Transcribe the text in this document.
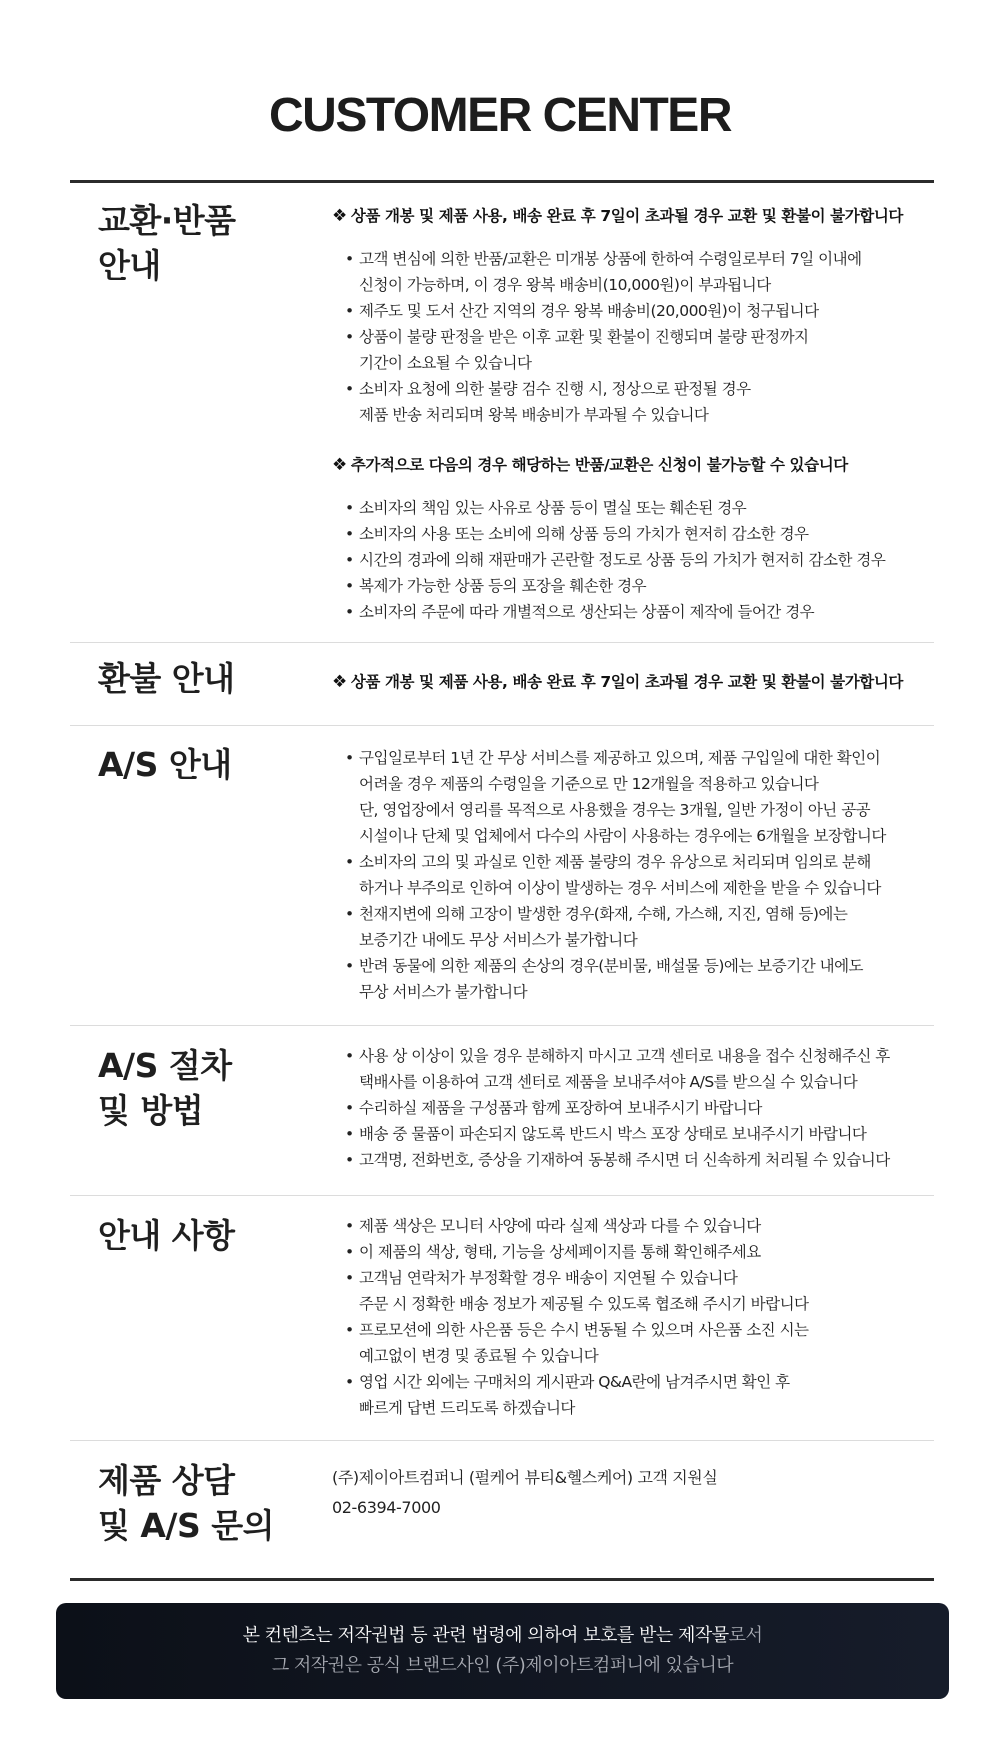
CUSTOMER CENTER
교환·반품
안내

❖ 상품 개봉 및 제품 사용, 배송 완료 후 7일이 초과될 경우 교환 및 환불이 불가합니다

• 고객 변심에 의한 반품/교환은 미개봉 상품에 한하여 수령일로부터 7일 이내에
신청이 가능하며, 이 경우 왕복 배송비(10,000원)이 부과됩니다
• 제주도 및 도서 산간 지역의 경우 왕복 배송비(20,000원)이 청구됩니다
• 상품이 불량 판정을 받은 이후 교환 및 환불이 진행되며 불량 판정까지
기간이 소요될 수 있습니다
• 소비자 요청에 의한 불량 검수 진행 시, 정상으로 판정될 경우
제품 반송 처리되며 왕복 배송비가 부과될 수 있습니다

❖ 추가적으로 다음의 경우 해당하는 반품/교환은 신청이 불가능할 수 있습니다

• 소비자의 책임 있는 사유로 상품 등이 멸실 또는 훼손된 경우
• 소비자의 사용 또는 소비에 의해 상품 등의 가치가 현저히 감소한 경우
• 시간의 경과에 의해 재판매가 곤란할 정도로 상품 등의 가치가 현저히 감소한 경우
• 복제가 가능한 상품 등의 포장을 훼손한 경우
• 소비자의 주문에 따라 개별적으로 생산되는 상품이 제작에 들어간 경우
환불 안내	❖ 상품 개봉 및 제품 사용, 배송 완료 후 7일이 초과될 경우 교환 및 환불이 불가합니다

A/S 안내	• 구입일로부터 1년 간 무상 서비스를 제공하고 있으며, 제품 구입일에 대한 확인이
어려울 경우 제품의 수령일을 기준으로 만 12개월을 적용하고 있습니다
단, 영업장에서 영리를 목적으로 사용했을 경우는 3개월, 일반 가정이 아닌 공공
시설이나 단체 및 업체에서 다수의 사람이 사용하는 경우에는 6개월을 보장합니다
• 소비자의 고의 및 과실로 인한 제품 불량의 경우 유상으로 처리되며 임의로 분해
하거나 부주의로 인하여 이상이 발생하는 경우 서비스에 제한을 받을 수 있습니다
• 천재지변에 의해 고장이 발생한 경우(화재, 수해, 가스해, 지진, 염해 등)에는
보증기간 내에도 무상 서비스가 불가합니다
• 반려 동물에 의한 제품의 손상의 경우(분비물, 배설물 등)에는 보증기간 내에도
무상 서비스가 불가합니다
A/S 절차
및 방법
• 사용 상 이상이 있을 경우 분해하지 마시고 고객 센터로 내용을 접수 신청해주신 후
택배사를 이용하여 고객 센터로 제품을 보내주셔야 A/S를 받으실 수 있습니다
• 수리하실 제품을 구성품과 함께 포장하여 보내주시기 바랍니다
• 배송 중 물품이 파손되지 않도록 반드시 박스 포장 상태로 보내주시기 바랍니다
• 고객명, 전화번호, 증상을 기재하여 동봉해 주시면 더 신속하게 처리될 수 있습니다
안내 사항	• 제품 색상은 모니터 사양에 따라 실제 색상과 다를 수 있습니다
• 이 제품의 색상, 형태, 기능을 상세페이지를 통해 확인해주세요
• 고객님 연락처가 부정확할 경우 배송이 지연될 수 있습니다
주문 시 정확한 배송 정보가 제공될 수 있도록 협조해 주시기 바랍니다
• 프로모션에 의한 사은품 등은 수시 변동될 수 있으며 사은품 소진 시는
예고없이 변경 및 종료될 수 있습니다
• 영업 시간 외에는 구매처의 게시판과 Q&A란에 남겨주시면 확인 후
빠르게 답변 드리도록 하겠습니다
제품 상담
및 A/S 문의

(주)제이아트컴퍼니 (펄케어 뷰티&헬스케어) 고객 지원실

02-6394-7000

본 컨텐츠는 저작권법 등 관련 법령에 의하여 보호를 받는 제작물로서

그 저작권은 공식 브랜드사인 (주)제이아트컴퍼니에 있습니다
